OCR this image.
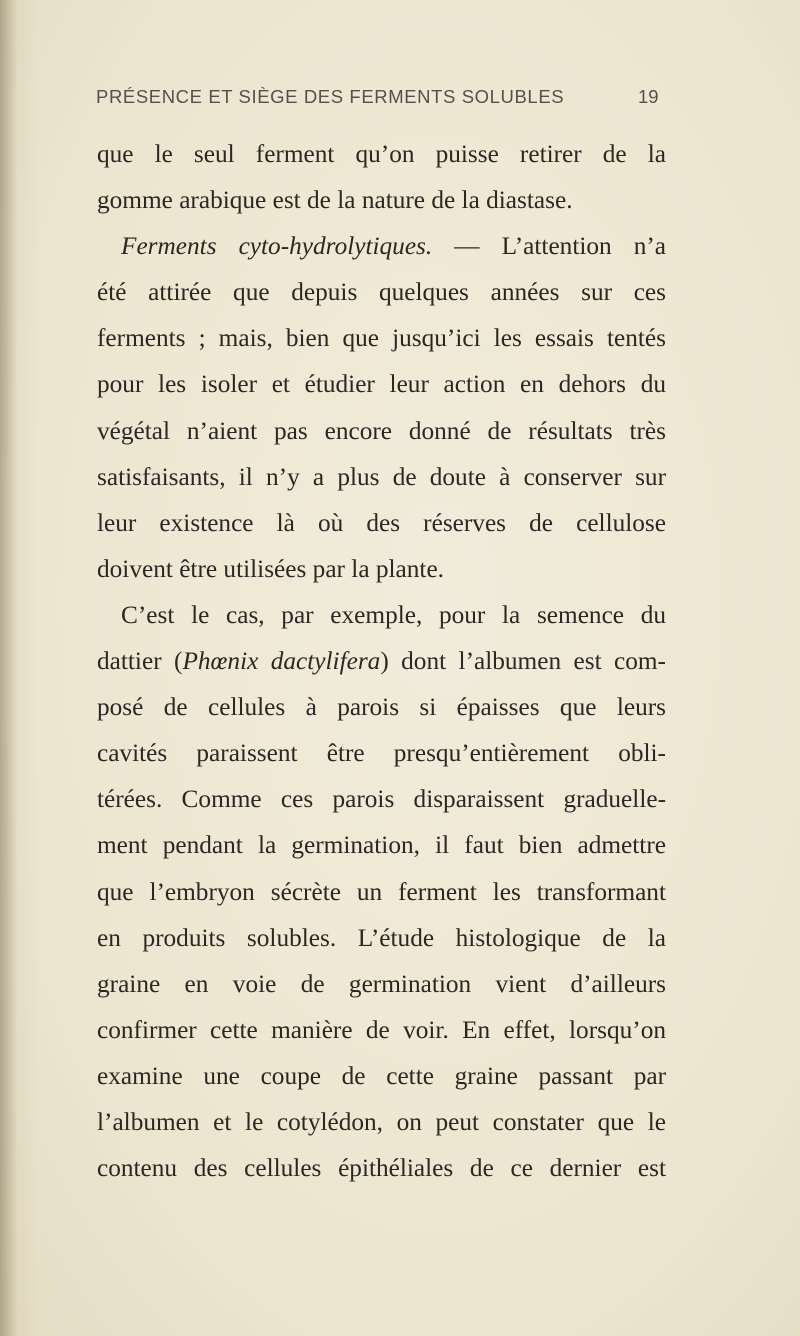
PRÉSENCE ET SIÈGE DES FERMENTS SOLUBLES	19
que le seul ferment qu’on puisse retirer de la
gomme arabique est de la nature de la diastase.
Ferments cyto-hydrolytiques. — L’attention n’a
été attirée que depuis quelques années sur ces
ferments ; mais, bien que jusqu’ici les essais tentés
pour les isoler et étudier leur action en dehors du
végétal n’aient pas encore donné de résultats très
satisfaisants, il n’y a plus de doute à conserver sur
leur existence là où des réserves de cellulose
doivent être utilisées par la plante.
C’est le cas, par exemple, pour la semence du
dattier (Phœnix dactylifera) dont l’albumen est com-
posé de cellules à parois si épaisses que leurs
cavités paraissent être presqu’entièrement obli-
térées. Comme ces parois disparaissent graduelle-
ment pendant la germination, il faut bien admettre
que l’embryon sécrète un ferment les transformant
en produits solubles. L’étude histologique de la
graine en voie de germination vient d’ailleurs
confirmer cette manière de voir. En effet, lorsqu’on
examine une coupe de cette graine passant par
l’albumen et le cotylédon, on peut constater que le
contenu des cellules épithéliales de ce dernier est
